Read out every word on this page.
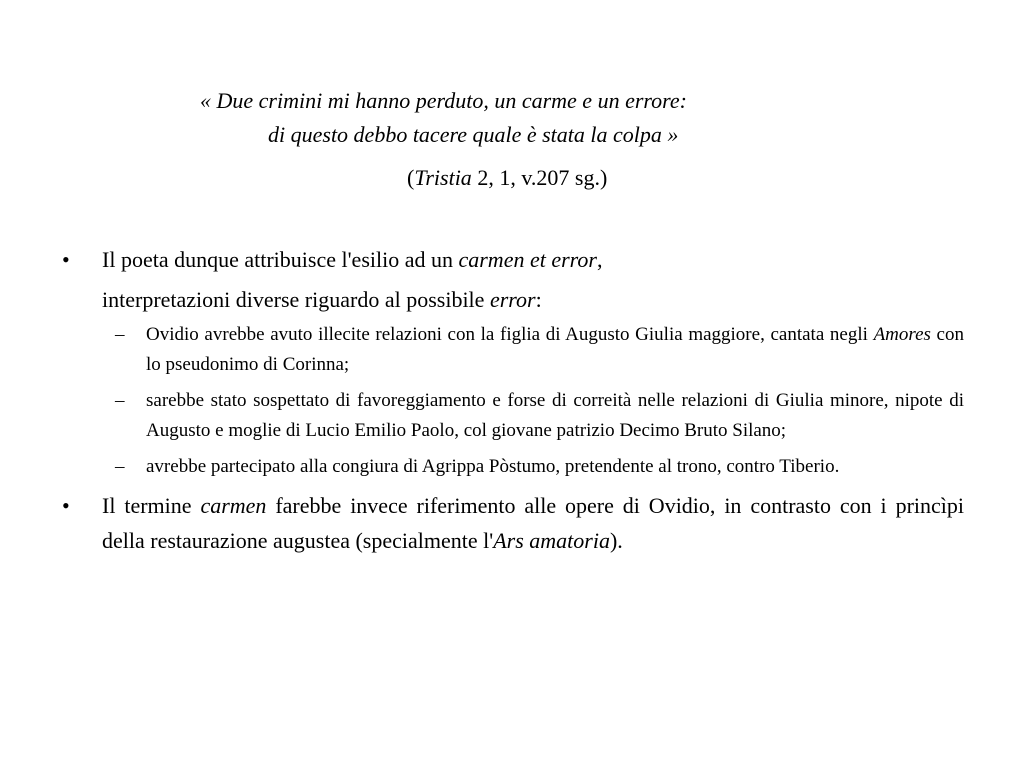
« Due crimini mi hanno perduto, un carme e un errore:
di questo debbo tacere quale è stata la colpa »
(Tristia 2, 1, v.207 sg.)
•	Il poeta dunque attribuisce l'esilio ad un carmen et error,
interpretazioni diverse riguardo al possibile error:
– Ovidio avrebbe avuto illecite relazioni con la figlia di Augusto Giulia maggiore, cantata negli Amores con lo pseudonimo di Corinna;
– sarebbe stato sospettato di favoreggiamento e forse di correità nelle relazioni di Giulia minore, nipote di Augusto e moglie di Lucio Emilio Paolo, col giovane patrizio Decimo Bruto Silano;
– avrebbe partecipato alla congiura di Agrippa Pòstumo, pretendente al trono, contro Tiberio.
•	Il termine carmen farebbe invece riferimento alle opere di Ovidio, in contrasto con i princìpi della restaurazione augustea (specialmente l'Ars amatoria).
